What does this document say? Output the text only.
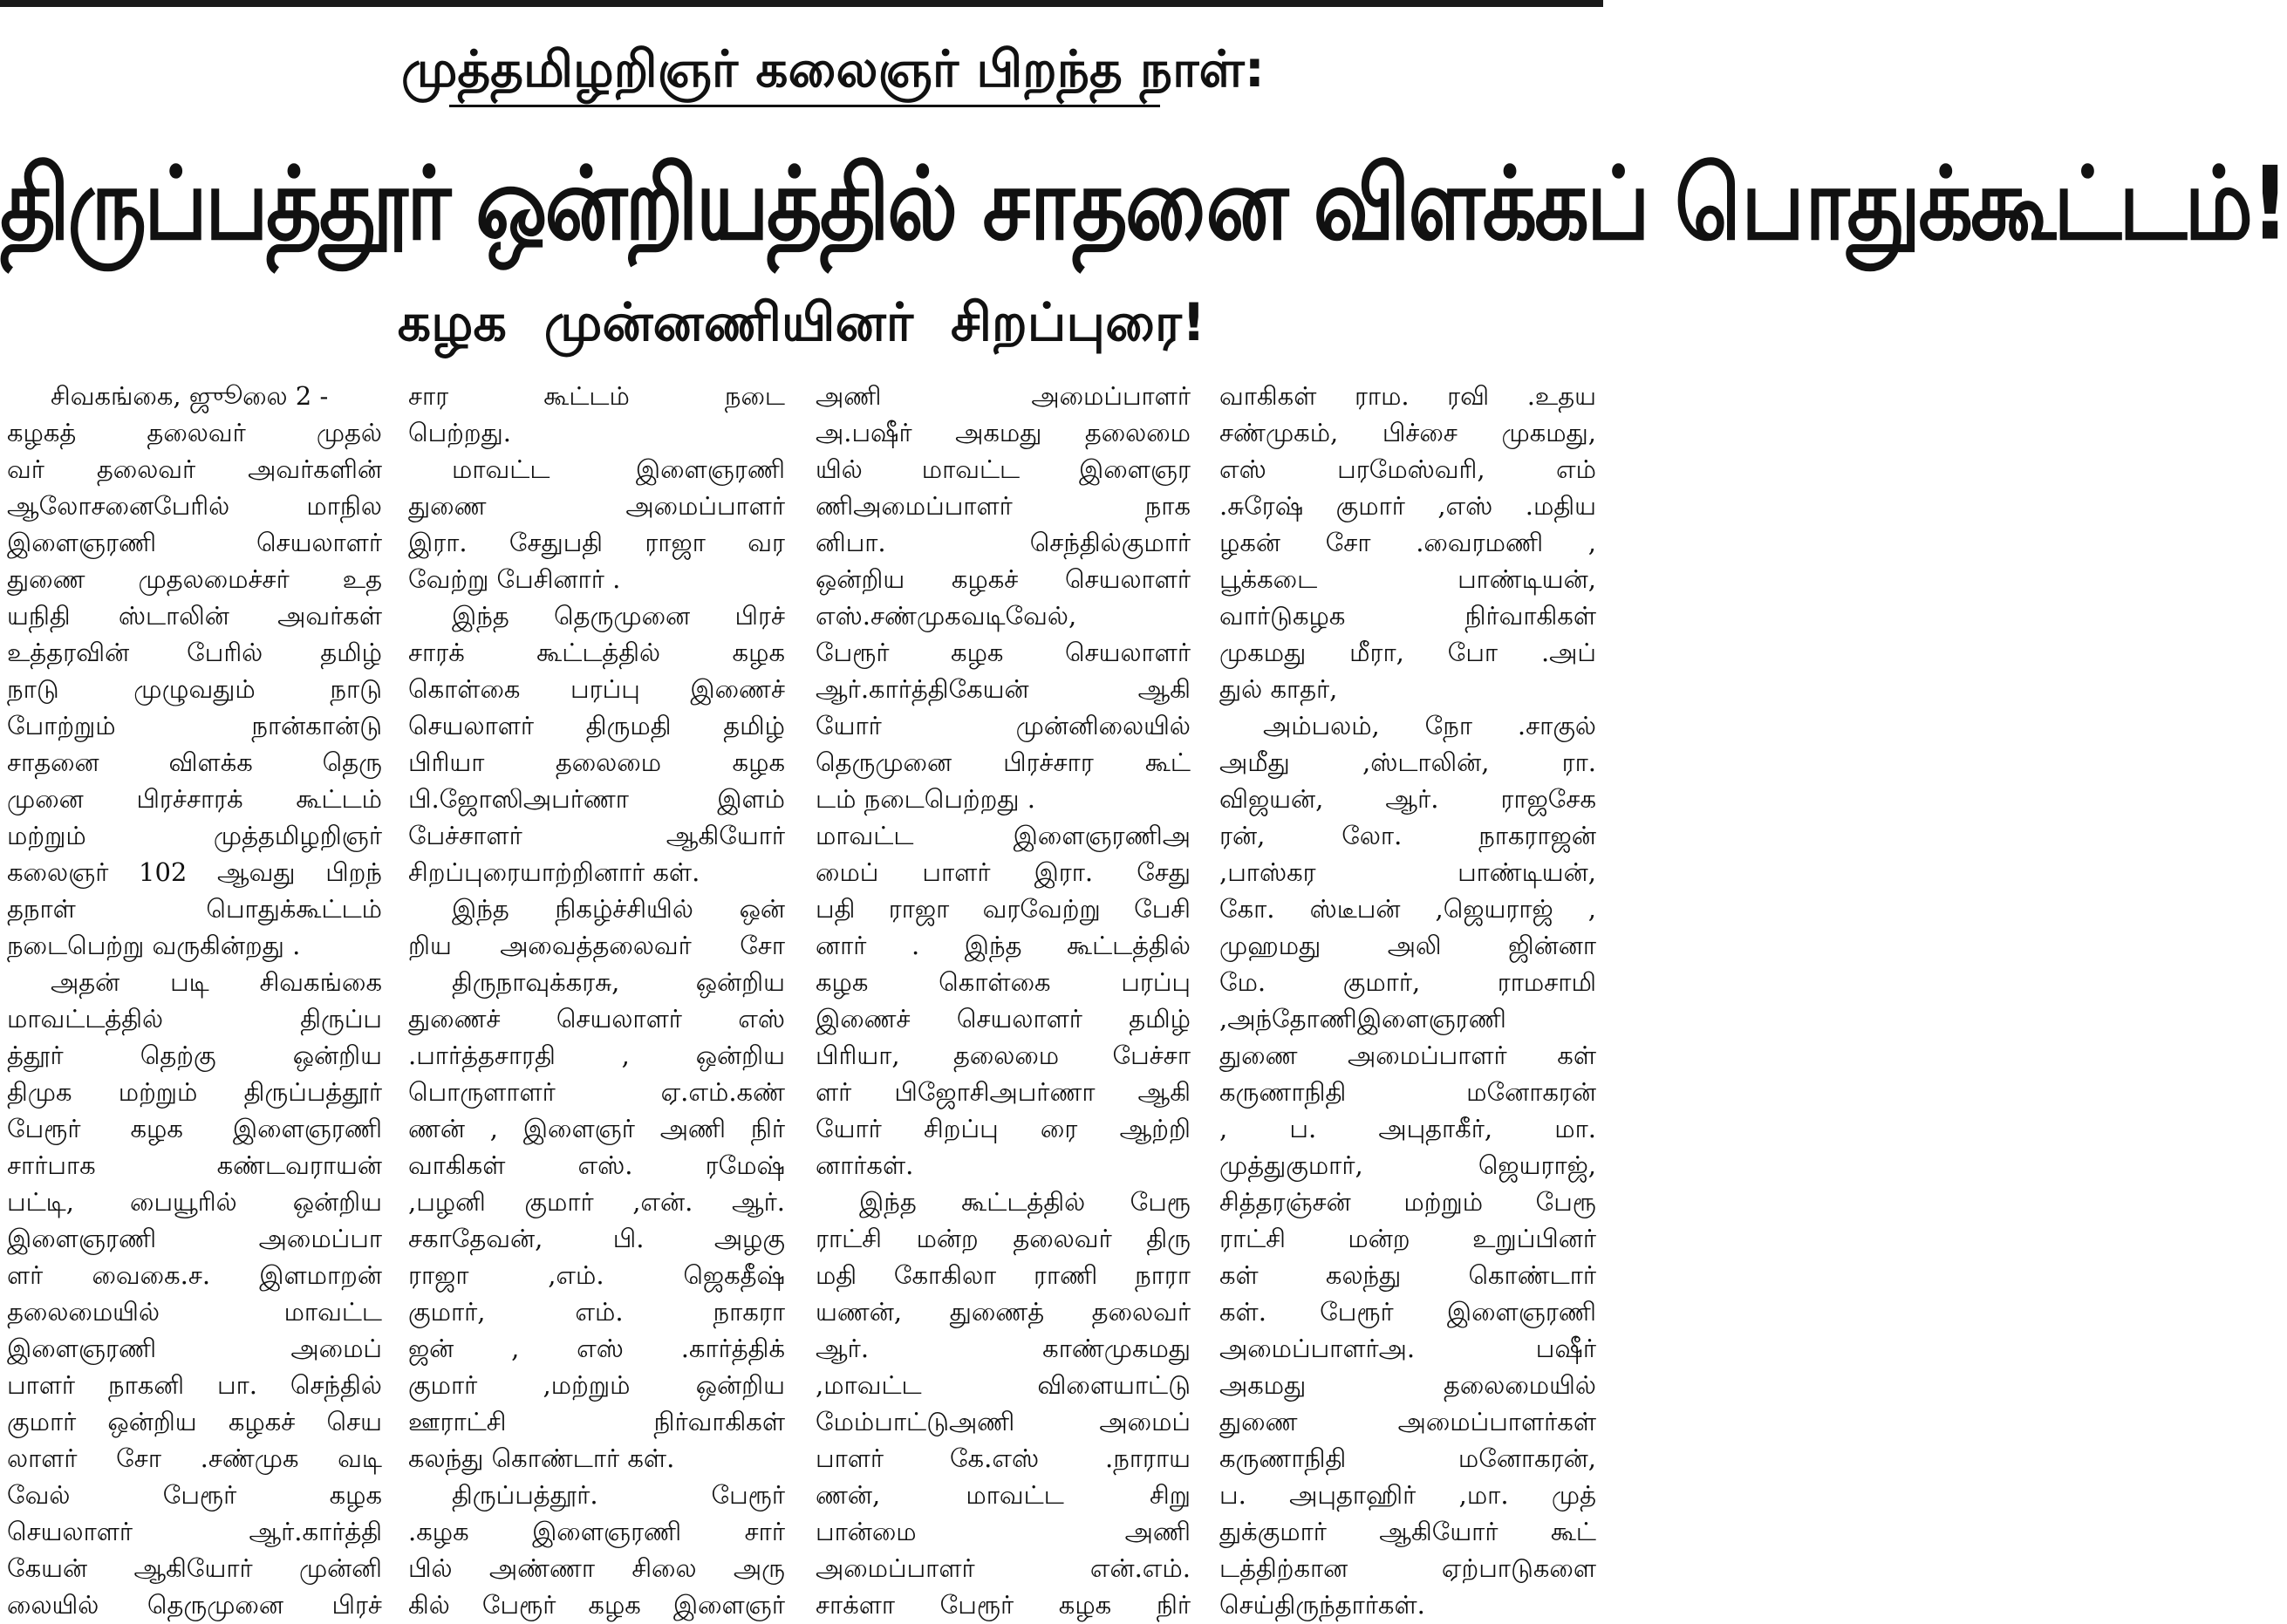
முத்தமிழறிஞர் கலைஞர் பிறந்த நாள்:
திருப்பத்தூர் ஒன்றியத்தில் சாதனை விளக்கப் பொதுக்கூட்டம்!
கழக முன்னணியினர் சிறப்புரை!
சிவகங்கை, ஜுூலை 2 -
கழகத் தலைவர் முதல்
வர் தலைவர் அவர்களின்
ஆலோசனைபேரில் மாநில
இளைஞரணி செயலாளர்
துணை முதலமைச்சர் உத
யநிதி ஸ்டாலின் அவர்கள்
உத்தரவின் பேரில் தமிழ்
நாடு முழுவதும் நாடு
போற்றும் நான்கான்டு
சாதனை விளக்க தெரு
முனை பிரச்சாரக் கூட்டம்
மற்றும் முத்தமிழறிஞர்
கலைஞர் 102 ஆவது பிறந்
தநாள் பொதுக்கூட்டம்
நடைபெற்று வருகின்றது .
அதன் படி சிவகங்கை
மாவட்டத்தில் திருப்ப
த்தூர் தெற்கு ஒன்றிய
திமுக மற்றும் திருப்பத்தூர்
பேரூர் கழக இளைஞரணி
சார்பாக கண்டவராயன்
பட்டி, பையூரில் ஒன்றிய
இளைஞரணி அமைப்பா
ளர் வைகை.ச. இளமாறன்
தலைமையில் மாவட்ட
இளைஞரணி அமைப்
பாளர் நாகனி பா. செந்தில்
குமார் ஒன்றிய கழகச் செய
லாளர் சோ .சண்முக வடி
வேல் பேரூர் கழக
செயலாளர் ஆர்.கார்த்தி
கேயன் ஆகியோர் முன்னி
லையில் தெருமுனை பிரச்
சார கூட்டம் நடை
பெற்றது.
மாவட்ட இளைஞரணி
துணை அமைப்பாளர்
இரா. சேதுபதி ராஜா வர
வேற்று பேசினார் .
இந்த தெருமுனை பிரச்
சாரக் கூட்டத்தில் கழக
கொள்கை பரப்பு இணைச்
செயலாளர் திருமதி தமிழ்
பிரியா தலைமை கழக
பி.ஜோஸிஅபர்ணா இளம்
பேச்சாளர் ஆகியோர்
சிறப்புரையாற்றினார் கள்.
இந்த நிகழ்ச்சியில் ஒன்
றிய அவைத்தலைவர் சோ
திருநாவுக்கரசு, ஒன்றிய
துணைச் செயலாளர் எஸ்
.பார்த்தசாரதி , ஒன்றிய
பொருளாளர் ஏ.எம்.கண்
ணன் , இளைஞர் அணி நிர்
வாகிகள் எஸ். ரமேஷ்
,பழனி குமார் ,என். ஆர்.
சகாதேவன், பி. அழகு
ராஜா ,எம். ஜெகதீஷ்
குமார், எம். நாகரா
ஜன் , எஸ் .கார்த்திக்
குமார் ,மற்றும் ஒன்றிய
ஊராட்சி நிர்வாகிகள்
கலந்து கொண்டார் கள்.
திருப்பத்தூர். பேரூர்
.கழக இளைஞரணி சார்
பில் அண்ணா சிலை அரு
கில் பேரூர் கழக இளைஞர்
அணி அமைப்பாளர்
அ.பஷீர் அகமது தலைமை
யில் மாவட்ட இளைஞர
ணிஅமைப்பாளர் நாக
னிபா. செந்தில்குமார்
ஒன்றிய கழகச் செயலாளர்
எஸ்.சண்முகவடிவேல்,
பேரூர் கழக செயலாளர்
ஆர்.கார்த்திகேயன் ஆகி
யோர் முன்னிலையில்
தெருமுனை பிரச்சார கூட்
டம் நடைபெற்றது .
மாவட்ட இளைஞரணிஅ
மைப் பாளர் இரா. சேது
பதி ராஜா வரவேற்று பேசி
னார் . இந்த கூட்டத்தில்
கழக கொள்கை பரப்பு
இணைச் செயலாளர் தமிழ்
பிரியா, தலைமை பேச்சா
ளர் பிஜோசிஅபர்ணா ஆகி
யோர் சிறப்பு ரை ஆற்றி
னார்கள்.
இந்த கூட்டத்தில் பேரூ
ராட்சி மன்ற தலைவர் திரு
மதி கோகிலா ராணி நாரா
யணன், துணைத் தலைவர்
ஆர். காண்முகமது
,மாவட்ட விளையாட்டு
மேம்பாட்டுஅணி அமைப்
பாளர் கே.எஸ் .நாராய
ணன், மாவட்ட சிறு
பான்மை அணி
அமைப்பாளர் என்.எம்.
சாக்ளா பேரூர் கழக நிர்
வாகிகள் ராம. ரவி .உதய
சண்முகம், பிச்சை முகமது,
எஸ் பரமேஸ்வரி, எம்
.சுரேஷ் குமார் ,எஸ் .மதிய
ழகன் சோ .வைரமணி ,
பூக்கடை பாண்டியன்,
வார்டுகழக நிர்வாகிகள்
முகமது மீரா, போ .அப்
துல் காதர்,
அம்பலம், நோ .சாகுல்
அமீது ,ஸ்டாலின், ரா.
விஜயன், ஆர். ராஜசேக
ரன், லோ. நாகராஜன்
,பாஸ்கர பாண்டியன்,
கோ. ஸ்டீபன் ,ஜெயராஜ் ,
முஹமது அலி ஜின்னா
மே. குமார், ராமசாமி
,அந்தோணிஇளைஞரணி
துணை அமைப்பாளர் கள்
கருணாநிதி மனோகரன்
, ப. அபுதாகீர், மா.
முத்துகுமார், ஜெயராஜ்,
சித்தரஞ்சன் மற்றும் பேரூ
ராட்சி மன்ற உறுப்பினர்
கள் கலந்து கொண்டார்
கள். பேரூர் இளைஞரணி
அமைப்பாளர்அ. பஷீர்
அகமது தலைமையில்
துணை அமைப்பாளர்கள்
கருணாநிதி மனோகரன்,
ப. அபுதாஹிர் ,மா. முத்
துக்குமார் ஆகியோர் கூட்
டத்திற்கான ஏற்பாடுகளை
செய்திருந்தார்கள்.
